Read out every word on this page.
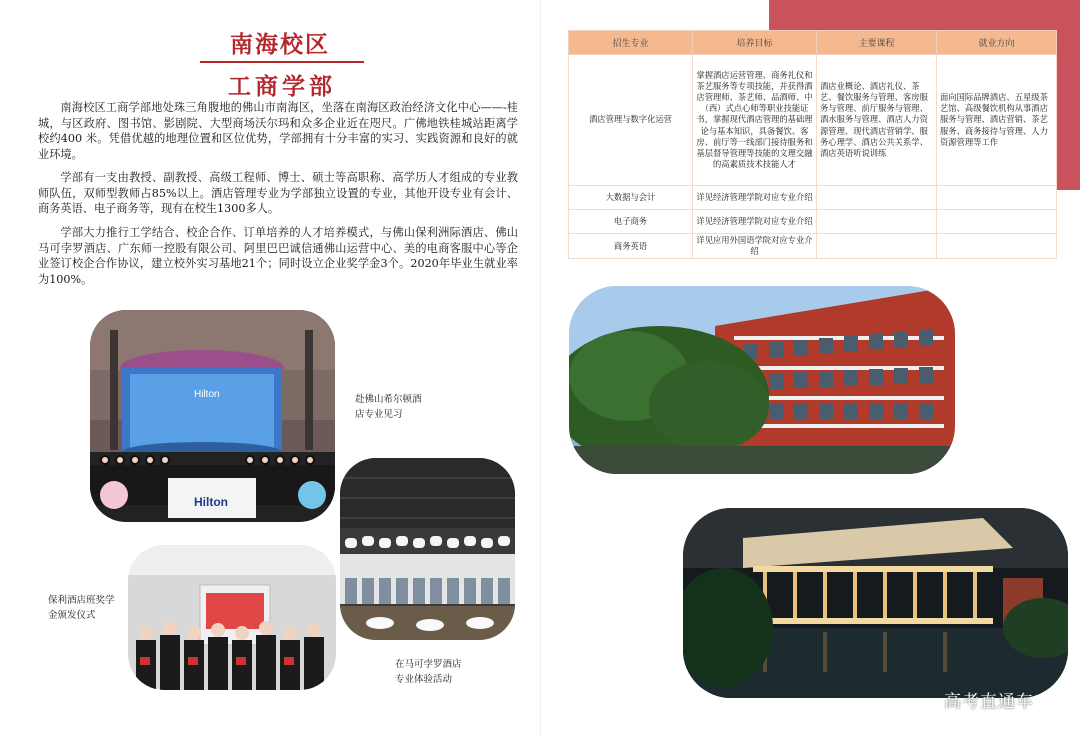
南海校区
工商学部

南海校区工商学部地处珠三角腹地的佛山市南海区，坐落在南海区政治经济文化中心——-桂城，与区政府、图书馆、影剧院、大型商场沃尔玛和众多企业近在咫尺。广佛地铁桂城站距离学校约400 米。凭借优越的地理位置和区位优势，学部拥有十分丰富的实习、实践资源和良好的就业环境。

学部有一支由教授、副教授、高级工程师、博士、硕士等高职称、高学历人才组成的专业教师队伍，双师型教师占85%以上。酒店管理专业为学部独立设置的专业，其他开设专业有会计、商务英语、电子商务等，现有在校生1300多人。

学部大力推行工学结合、校企合作、订单培养的人才培养模式，与佛山保利洲际酒店、佛山马可孛罗酒店、广东师一控股有限公司、阿里巴巴诚信通佛山运营中心、美的电商客服中心等企业签订校企合作协议，建立校外实习基地21个；同时设立企业奖学金3个。2020年毕业生就业率为100%。

Hilton
Hilton
赴佛山希尔顿酒
店专业见习
在马可孛罗酒店
专业体验活动
保利酒店班奖学
金颁发仪式
招生专业	培养目标	主要课程	就业方向
酒店管理与数字化运营	掌握酒店运营管理、商务礼仪和茶艺服务等专项技能，并获得酒店管理师、茶艺师、品酒师、中（西）式点心师等职业技能证书，掌握现代酒店管理的基础理论与基本知识，具备餐饮、客房、前厅等一线部门接待服务和基层督导管理等技能的文理交融的高素质技术技能人才	酒店业概论、酒店礼仪、茶艺、餐饮服务与管理、客房服务与管理、前厅服务与管理、酒水服务与管理、酒店人力资源管理、现代酒店营销学、服务心理学、酒店公共关系学、酒店英语听说训练	面向国际品牌酒店、五星级茶艺馆、高级餐饮机构从事酒店服务与管理、酒店营销、茶艺服务、商务接待与管理、人力资源管理等工作
大数据与会计	详见经济管理学院对应专业介绍		
电子商务	详见经济管理学院对应专业介绍		
商务英语	详见应用外国语学院对应专业介绍		
高考直通车
